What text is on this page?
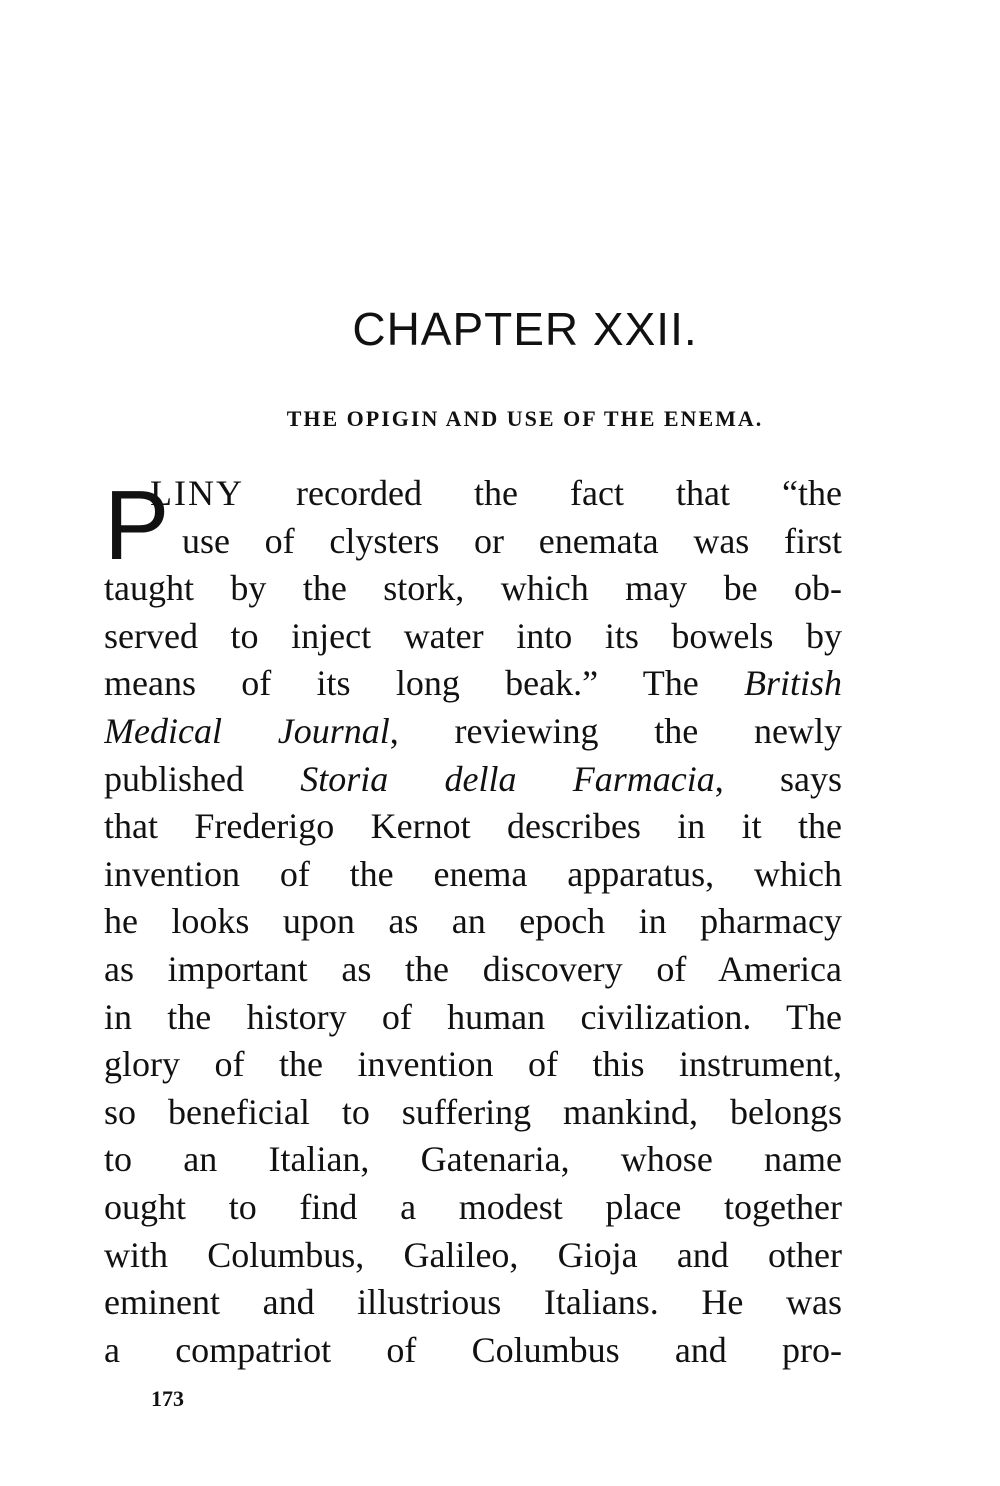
CHAPTER XXII.
THE OPIGIN AND USE OF THE ENEMA.
P

LINY recorded the fact that “the

use of clysters or enemata was first
taught by the stork, which may be ob-
served to inject water into its bowels by
means of its long beak.” The British
Medical Journal, reviewing the newly
published Storia della Farmacia, says
that Frederigo Kernot describes in it the
invention of the enema apparatus, which
he looks upon as an epoch in pharmacy
as important as the discovery of America
in the history of human civilization. The
glory of the invention of this instrument,
so beneficial to suffering mankind, belongs
to an Italian, Gatenaria, whose name
ought to find a modest place together
with Columbus, Galileo, Gioja and other
eminent and illustrious Italians. He was
a compatriot of Columbus and pro-

173
